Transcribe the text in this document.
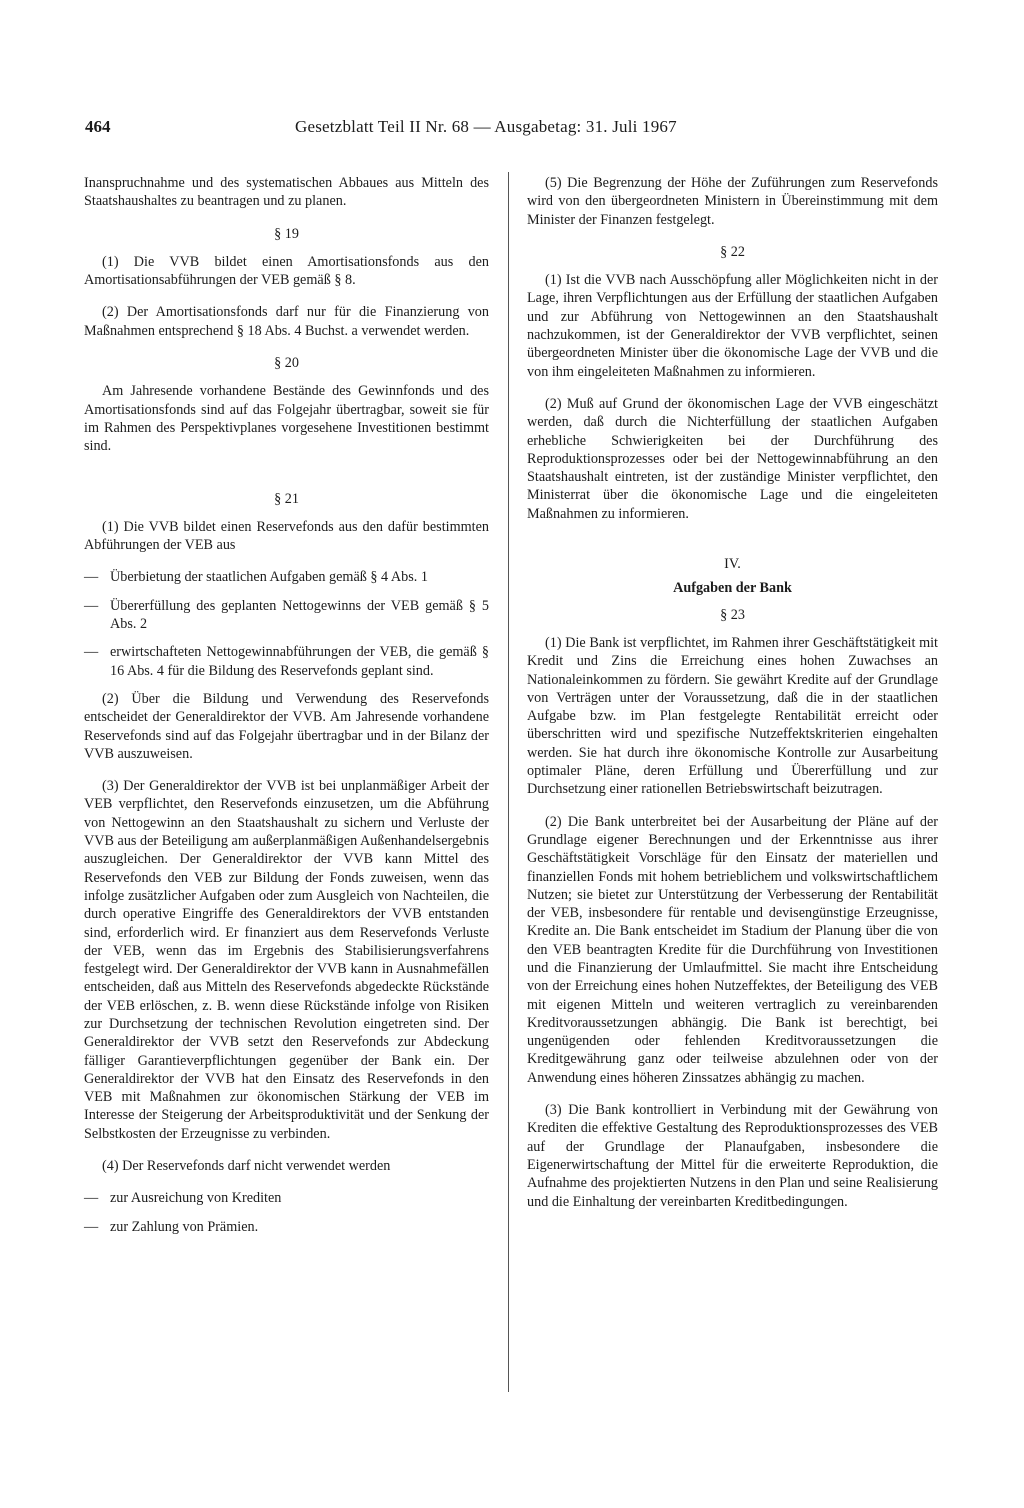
464	Gesetzblatt Teil II Nr. 68 — Ausgabetag: 31. Juli 1967

Inanspruchnahme und des systematischen Abbaues aus Mitteln des Staatshaushaltes zu beantragen und zu planen.

§ 19

(1) Die VVB bildet einen Amortisationsfonds aus den Amortisationsabführungen der VEB gemäß § 8.

(2) Der Amortisationsfonds darf nur für die Finanzierung von Maßnahmen entsprechend § 18 Abs. 4 Buchst. a verwendet werden.

§ 20

Am Jahresende vorhandene Bestände des Gewinnfonds und des Amortisationsfonds sind auf das Folgejahr übertragbar, soweit sie für im Rahmen des Perspektivplanes vorgesehene Investitionen bestimmt sind.

§ 21

(1) Die VVB bildet einen Reservefonds aus den dafür bestimmten Abführungen der VEB aus

— Überbietung der staatlichen Aufgaben gemäß § 4 Abs. 1
— Übererfüllung des geplanten Nettogewinns der VEB gemäß § 5 Abs. 2
— erwirtschafteten Nettogewinnabführungen der VEB, die gemäß § 16 Abs. 4 für die Bildung des Reservefonds geplant sind.

(2) Über die Bildung und Verwendung des Reservefonds entscheidet der Generaldirektor der VVB. Am Jahresende vorhandene Reservefonds sind auf das Folgejahr übertragbar und in der Bilanz der VVB auszuweisen.

(3) Der Generaldirektor der VVB ist bei unplanmäßiger Arbeit der VEB verpflichtet, den Reservefonds einzusetzen, um die Abführung von Nettogewinn an den Staatshaushalt zu sichern und Verluste der VVB aus der Beteiligung am außerplanmäßigen Außenhandelsergebnis auszugleichen. Der Generaldirektor der VVB kann Mittel des Reservefonds den VEB zur Bildung der Fonds zuweisen, wenn das infolge zusätzlicher Aufgaben oder zum Ausgleich von Nachteilen, die durch operative Eingriffe des Generaldirektors der VVB entstanden sind, erforderlich wird. Er finanziert aus dem Reservefonds Verluste der VEB, wenn das im Ergebnis des Stabilisierungsverfahrens festgelegt wird. Der Generaldirektor der VVB kann in Ausnahmefällen entscheiden, daß aus Mitteln des Reservefonds abgedeckte Rückstände der VEB erlöschen, z. B. wenn diese Rückstände infolge von Risiken zur Durchsetzung der technischen Revolution eingetreten sind. Der Generaldirektor der VVB setzt den Reservefonds zur Abdeckung fälliger Garantieverpflichtungen gegenüber der Bank ein. Der Generaldirektor der VVB hat den Einsatz des Reservefonds in den VEB mit Maßnahmen zur ökonomischen Stärkung der VEB im Interesse der Steigerung der Arbeitsproduktivität und der Senkung der Selbstkosten der Erzeugnisse zu verbinden.

(4) Der Reservefonds darf nicht verwendet werden

— zur Ausreichung von Krediten
— zur Zahlung von Prämien.

(5) Die Begrenzung der Höhe der Zuführungen zum Reservefonds wird von den übergeordneten Ministern in Übereinstimmung mit dem Minister der Finanzen festgelegt.

§ 22

(1) Ist die VVB nach Ausschöpfung aller Möglichkeiten nicht in der Lage, ihren Verpflichtungen aus der Erfüllung der staatlichen Aufgaben und zur Abführung von Nettogewinnen an den Staatshaushalt nachzukommen, ist der Generaldirektor der VVB verpflichtet, seinen übergeordneten Minister über die ökonomische Lage der VVB und die von ihm eingeleiteten Maßnahmen zu informieren.

(2) Muß auf Grund der ökonomischen Lage der VVB eingeschätzt werden, daß durch die Nichterfüllung der staatlichen Aufgaben erhebliche Schwierigkeiten bei der Durchführung des Reproduktionsprozesses oder bei der Nettogewinnabführung an den Staatshaushalt eintreten, ist der zuständige Minister verpflichtet, den Ministerrat über die ökonomische Lage und die eingeleiteten Maßnahmen zu informieren.

IV.

Aufgaben der Bank

§ 23

(1) Die Bank ist verpflichtet, im Rahmen ihrer Geschäftstätigkeit mit Kredit und Zins die Erreichung eines hohen Zuwachses an Nationaleinkommen zu fördern. Sie gewährt Kredite auf der Grundlage von Verträgen unter der Voraussetzung, daß die in der staatlichen Aufgabe bzw. im Plan festgelegte Rentabilität erreicht oder überschritten wird und spezifische Nutzeffektskriterien eingehalten werden. Sie hat durch ihre ökonomische Kontrolle zur Ausarbeitung optimaler Pläne, deren Erfüllung und Übererfüllung und zur Durchsetzung einer rationellen Betriebswirtschaft beizutragen.

(2) Die Bank unterbreitet bei der Ausarbeitung der Pläne auf der Grundlage eigener Berechnungen und der Erkenntnisse aus ihrer Geschäftstätigkeit Vorschläge für den Einsatz der materiellen und finanziellen Fonds mit hohem betrieblichem und volkswirtschaftlichem Nutzen; sie bietet zur Unterstützung der Verbesserung der Rentabilität der VEB, insbesondere für rentable und devisengünstige Erzeugnisse, Kredite an. Die Bank entscheidet im Stadium der Planung über die von den VEB beantragten Kredite für die Durchführung von Investitionen und die Finanzierung der Umlaufmittel. Sie macht ihre Entscheidung von der Erreichung eines hohen Nutzeffektes, der Beteiligung des VEB mit eigenen Mitteln und weiteren vertraglich zu vereinbarenden Kreditvoraussetzungen abhängig. Die Bank ist berechtigt, bei ungenügenden oder fehlenden Kreditvoraussetzungen die Kreditgewährung ganz oder teilweise abzulehnen oder von der Anwendung eines höheren Zinssatzes abhängig zu machen.

(3) Die Bank kontrolliert in Verbindung mit der Gewährung von Krediten die effektive Gestaltung des Reproduktionsprozesses des VEB auf der Grundlage der Planaufgaben, insbesondere die Eigenerwirtschaftung der Mittel für die erweiterte Reproduktion, die Aufnahme des projektierten Nutzens in den Plan und seine Realisierung und die Einhaltung der vereinbarten Kreditbedingungen.
